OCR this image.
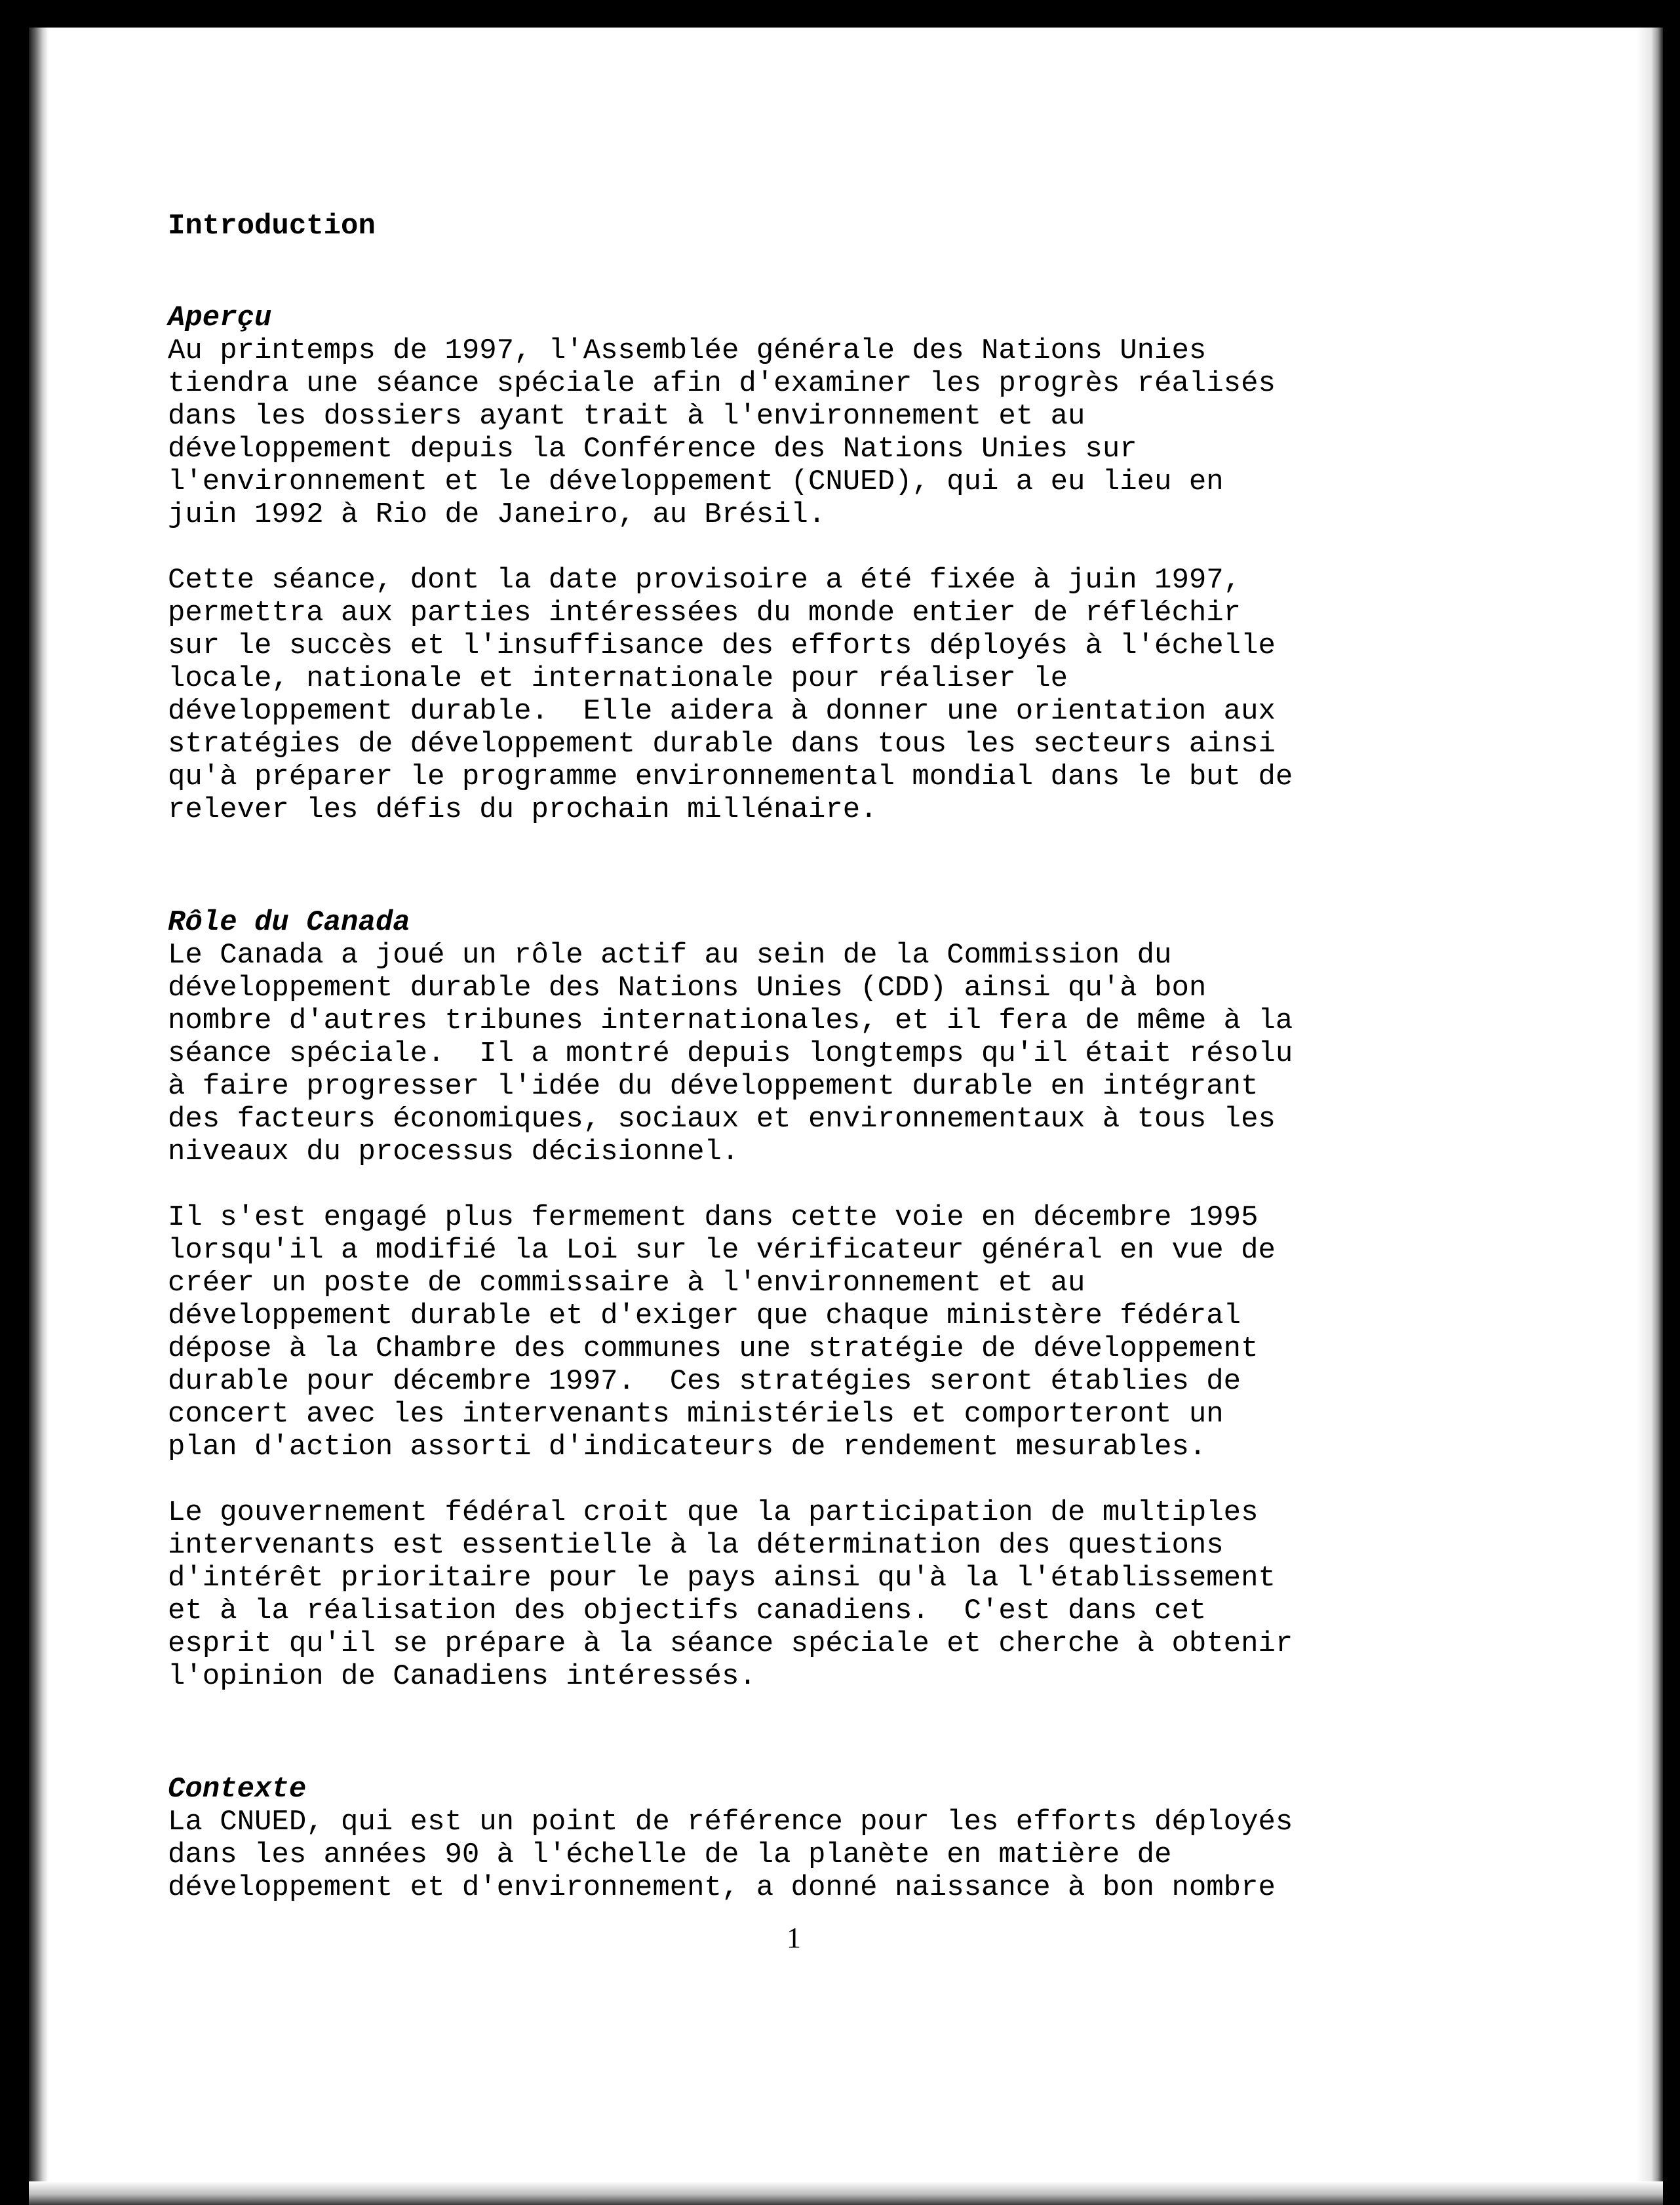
Introduction
Aperçu

Au printemps de 1997, l'Assemblée générale des Nations Unies
tiendra une séance spéciale afin d'examiner les progrès réalisés
dans les dossiers ayant trait à l'environnement et au
développement depuis la Conférence des Nations Unies sur
l'environnement et le développement (CNUED), qui a eu lieu en
juin 1992 à Rio de Janeiro, au Brésil.

Cette séance, dont la date provisoire a été fixée à juin 1997,
permettra aux parties intéressées du monde entier de réfléchir
sur le succès et l'insuffisance des efforts déployés à l'échelle
locale, nationale et internationale pour réaliser le
développement durable.  Elle aidera à donner une orientation aux
stratégies de développement durable dans tous les secteurs ainsi
qu'à préparer le programme environnemental mondial dans le but de
relever les défis du prochain millénaire.

Rôle du Canada

Le Canada a joué un rôle actif au sein de la Commission du
développement durable des Nations Unies (CDD) ainsi qu'à bon
nombre d'autres tribunes internationales, et il fera de même à la
séance spéciale.  Il a montré depuis longtemps qu'il était résolu
à faire progresser l'idée du développement durable en intégrant
des facteurs économiques, sociaux et environnementaux à tous les
niveaux du processus décisionnel.

Il s'est engagé plus fermement dans cette voie en décembre 1995
lorsqu'il a modifié la Loi sur le vérificateur général en vue de
créer un poste de commissaire à l'environnement et au
développement durable et d'exiger que chaque ministère fédéral
dépose à la Chambre des communes une stratégie de développement
durable pour décembre 1997.  Ces stratégies seront établies de
concert avec les intervenants ministériels et comporteront un
plan d'action assorti d'indicateurs de rendement mesurables.

Le gouvernement fédéral croit que la participation de multiples
intervenants est essentielle à la détermination des questions
d'intérêt prioritaire pour le pays ainsi qu'à la l'établissement
et à la réalisation des objectifs canadiens.  C'est dans cet
esprit qu'il se prépare à la séance spéciale et cherche à obtenir
l'opinion de Canadiens intéressés.

Contexte

La CNUED, qui est un point de référence pour les efforts déployés
dans les années 90 à l'échelle de la planète en matière de
développement et d'environnement, a donné naissance à bon nombre

1
